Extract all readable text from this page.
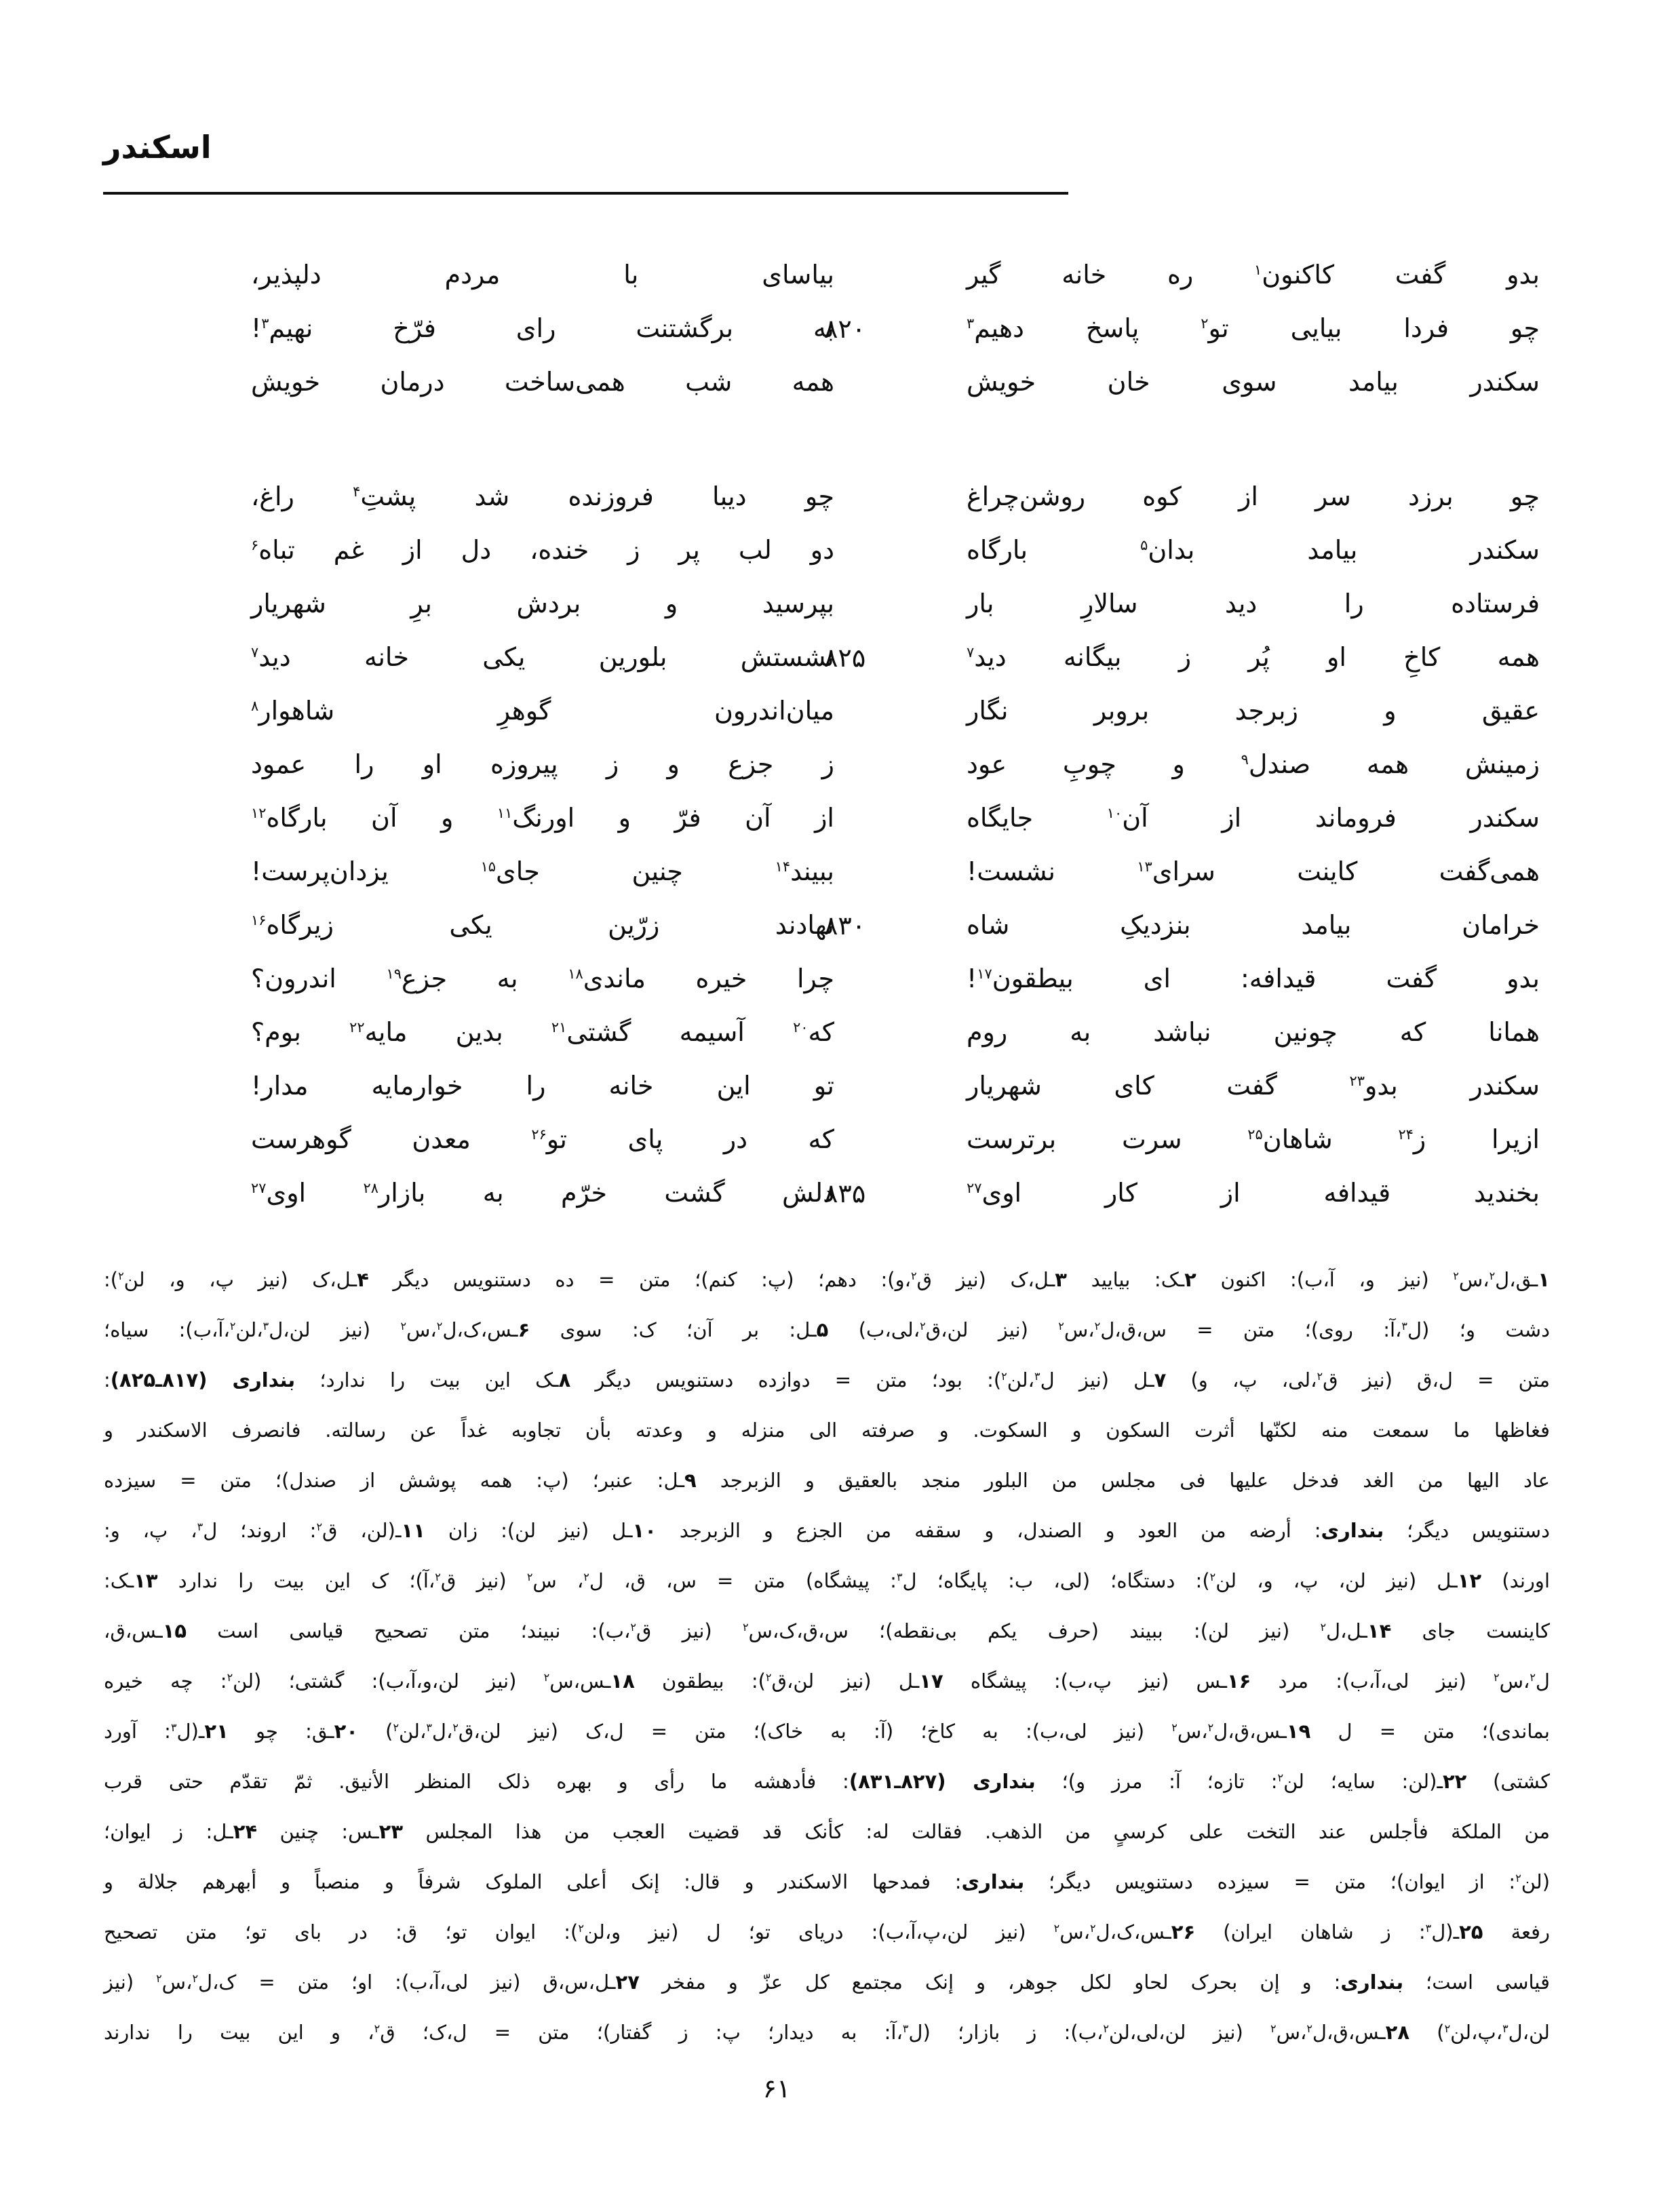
اسكندر
بدو گفت کاکنون$^۱$ ره خانه گیر
بیاسای با مردم دلپذیر،
چو فردا بیایی تو$^۲$ پاسخ دهیم$^۳$
۸۲۰
به برگشتنت رای فرّخ نهیم$^۳$!
سکندر بیامد سوی خان خویش
همه شب همی‌ساخت درمان خویش
چو برزد سر از کوه روشن‌چراغ
چو دیبا فروزنده شد پشتِ$^۴$ راغ،
سکندر بیامد بدان$^۵$ بارگاه
دو لب پر ز خنده، دل از غم تباه$^۶$
فرستاده را دید سالارِ بار
بپرسید و بردش برِ شهریار
همه کاخِ او پُر ز بیگانه دید$^۷$
۸۲۵
نشستش بلورین یکی خانه دید$^۷$
عقیق و زبرجد بروبر نگار
میان‌اندرون گوهرِ شاهوار$^۸$
زمینش همه صندل$^۹$ و چوبِ عود
ز جزع و ز پیروزه او را عمود
سکندر فروماند از آن$^{۱۰}$ جایگاه
از آن فرّ و اورنگ$^{۱۱}$ و آن بارگاه$^{۱۲}$
همی‌گفت کاینت سرای$^{۱۳}$ نشست!
ببیند$^{۱۴}$ چنین جای$^{۱۵}$ یزدان‌پرست!
خرامان بیامد بنزدیکِ شاه
۸۳۰
نهادند زرّین یکی زیرگاه$^{۱۶}$
بدو گفت قیدافه: ای بیطقون$^{۱۷}$!
چرا خیره ماندی$^{۱۸}$ به جزع$^{۱۹}$ اندرون؟
همانا که چونین نباشد به روم
که$^{۲۰}$ آسیمه گشتی$^{۲۱}$ بدین مایه$^{۲۲}$ بوم؟
سکندر بدو$^{۲۳}$ گفت کای شهریار
تو این خانه را خوارمایه مدار!
ازیرا ز$^{۲۴}$ شاهان$^{۲۵}$ سرت برترست
که در پای تو$^{۲۶}$ معدن گوهرست
بخندید قیدافه از کار اوی$^{۲۷}$
۸۳۵
دلش گشت خرّم به بازار$^{۲۸}$ اوی$^{۲۷}$
۱ـق،ل$^۲$،س$^۲$ (نیز و، آ،ب): اکنون ۲ـک: بیایید ۳ـل،ک (نیز ق$^۲$،و): دهم؛ (پ: کنم)؛ متن = ده دستنویس دیگر ۴ـل،ک (نیز پ، و، لن$^۲$):
دشت و؛ (ل$^۳$،آ: روی)؛ متن = س،ق،ل$^۲$،س$^۲$ (نیز لن،ق$^۲$،لی،ب) ۵ـل: بر آن؛ ک: سوی ۶ـس،ک،ل$^۲$،س$^۲$ (نیز لن،ل$^۳$،لن$^۲$،آ،ب): سیاه؛
متن = ل،ق (نیز ق$^۲$،لی، پ، و) ۷ـل (نیز ل$^۳$،لن$^۲$): بود؛ متن = دوازده دستنویس دیگر ۸ـک این بیت را ندارد؛ بنداری (۸۱۷ـ۸۲۵):
فغاظها ما سمعت منه لکنّها أثرت السکون و السکوت. و صرفته الی منزله و وعدته بأن تجاوبه غداً عن رسالته. فانصرف الاسکندر و
عاد الیها من الغد فدخل علیها فی مجلس من البلور منجد بالعقیق و الزبرجد ۹ـل: عنبر؛ (پ: همه پوشش از صندل)؛ متن = سیزده
دستنویس دیگر؛ بنداری: أرضه من العود و الصندل، و سقفه من الجزع و الزبرجد ۱۰ـل (نیز لن): زان ۱۱ـ(لن، ق$^۲$: اروند؛ ل$^۳$، پ، و:
اورند) ۱۲ـل (نیز لن، پ، و، لن$^۲$): دستگاه؛ (لی، ب: پایگاه؛ ل$^۳$: پیشگاه) متن = س، ق، ل$^۲$، س$^۲$ (نیز ق$^۲$،آ)؛ ک این بیت را ندارد ۱۳ـک:
کاینست جای ۱۴ـل،ل$^۲$ (نیز لن): ببیند (حرف یکم بی‌نقطه)؛ س،ق،ک،س$^۲$ (نیز ق$^۲$،ب): نبیند؛ متن تصحیح قیاسی است ۱۵ـس،ق،
ل$^۲$،س$^۲$ (نیز لی،آ،ب): مرد ۱۶ـس (نیز پ،ب): پیشگاه ۱۷ـل (نیز لن،ق$^۲$): بیطقون ۱۸ـس،س$^۲$ (نیز لن،و،آ،ب): گشتی؛ (لن$^۲$: چه خیره
بماندی)؛ متن = ل ۱۹ـس،ق،ل$^۲$،س$^۲$ (نیز لی،ب): به کاخ؛ (آ: به خاک)؛ متن = ل،ک (نیز لن،ق$^۲$،ل$^۳$،لن$^۲$) ۲۰ـق: چو ۲۱ـ(ل$^۳$: آورد
کشتی) ۲۲ـ(لن: سایه؛ لن$^۲$: تازه؛ آ: مرز و)؛ بنداری (۸۲۷ـ۸۳۱): فأدهشه ما رأی و بهره ذلک المنظر الأنیق. ثمّ تقدّم حتی قرب
من الملکة فأجلس عند التخت علی کرسیٍ من الذهب. فقالت له: کأنک قد قضیت العجب من هذا المجلس ۲۳ـس: چنین ۲۴ـل: ز ایوان؛
(لن$^۲$: از ایوان)؛ متن = سیزده دستنویس دیگر؛ بنداری: فمدحها الاسکندر و قال: إنک أعلی الملوک شرفاً و منصباً و أبهرهم جلالة و
رفعة ۲۵ـ(ل$^۳$: ز شاهان ایران) ۲۶ـس،ک،ل$^۲$،س$^۲$ (نیز لن،پ،آ،ب): دریای تو؛ ل (نیز و،لن$^۲$): ایوان تو؛ ق: در بای تو؛ متن تصحیح
قیاسی است؛ بنداری: و إن بحرک لحاو لکل جوهر، و إنک مجتمع کل عزّ و مفخر ۲۷ـل،س،ق (نیز لی،آ،ب): او؛ متن = ک،ل$^۲$،س$^۲$ (نیز
لن،ل$^۳$،پ،لن$^۲$) ۲۸ـس،ق،ل$^۲$،س$^۲$ (نیز لن،لی،لن$^۲$،ب): ز بازار؛ (ل$^۳$،آ: به دیدار؛ پ: ز گفتار)؛ متن = ل،ک؛ ق$^۲$، و این بیت را ندارند
۶۱
